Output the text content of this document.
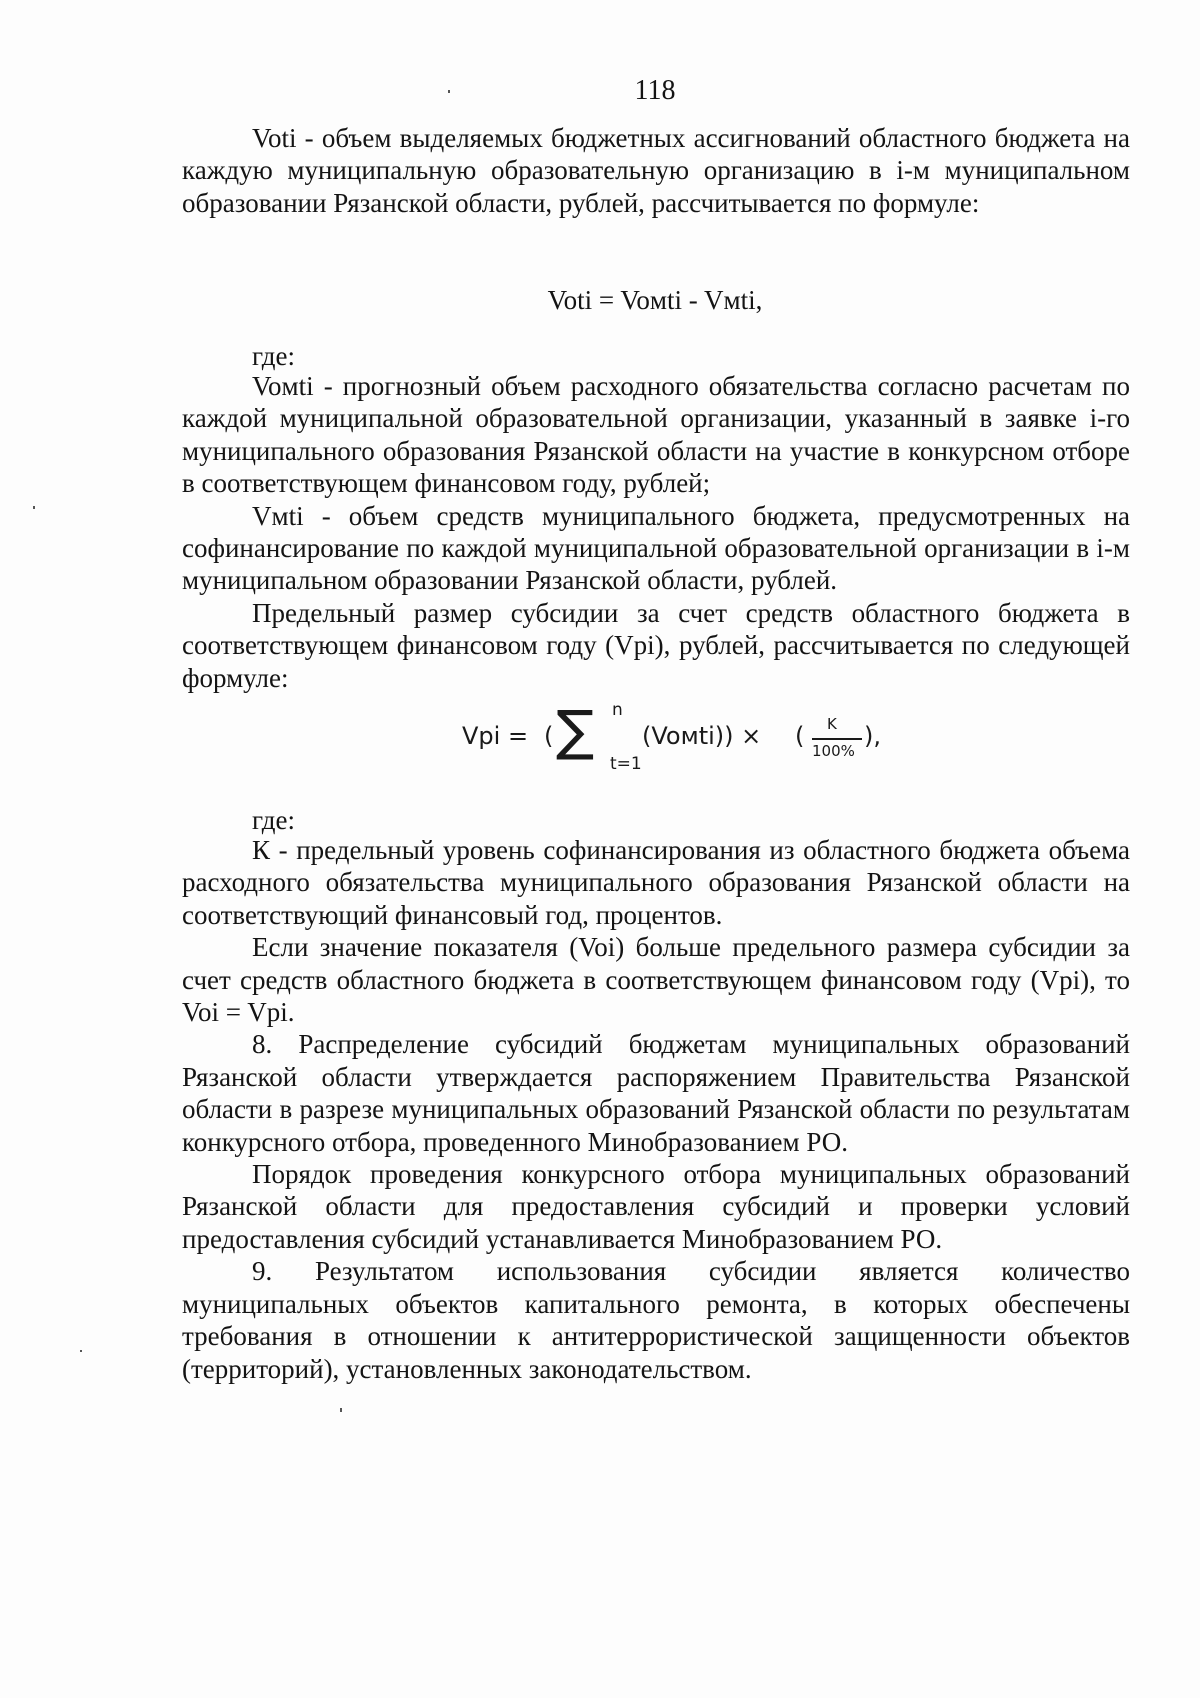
118

Voti - объем выделяемых бюджетных ассигнований областного бюджета на каждую муниципальную образовательную организацию в i-м муниципальном образовании Рязанской области, рублей, рассчитывается по формуле:

Voti = Voмti - Vмti,
где:

Voмti - прогнозный объем расходного обязательства согласно расчетам по каждой муниципальной образовательной организации, указанный в заявке i-го муниципального образования Рязанской области на участие в конкурсном отборе в соответствующем финансовом году, рублей;

Vмti - объем средств муниципального бюджета, предусмотренных на софинансирование по каждой муниципальной образовательной организации в i-м муниципальном образовании Рязанской области, рублей.

Предельный размер субсидии за счет средств областного бюджета в соответствующем финансовом году (Vpi), рублей, рассчитывается по следующей формуле:

Vpi = ( ∑ n
t=1
(Voмti)) × ( K
100%
),
где:

К - предельный уровень софинансирования из областного бюджета объема расходного обязательства муниципального образования Рязанской области на соответствующий финансовый год, процентов.

Если значение показателя (Voi) больше предельного размера субсидии за счет средств областного бюджета в соответствующем финансовом году (Vpi), то Voi = Vpi.

8. Распределение субсидий бюджетам муниципальных образований Рязанской области утверждается распоряжением Правительства Рязанской области в разрезе муниципальных образований Рязанской области по результатам конкурсного отбора, проведенного Минобразованием РО.

Порядок проведения конкурсного отбора муниципальных образований Рязанской области для предоставления субсидий и проверки условий предоставления субсидий устанавливается Минобразованием РО.

9. Результатом использования субсидии является количество муниципальных объектов капитального ремонта, в которых обеспечены требования в отношении к антитеррористической защищенности объектов (территорий), установленных законодательством.
